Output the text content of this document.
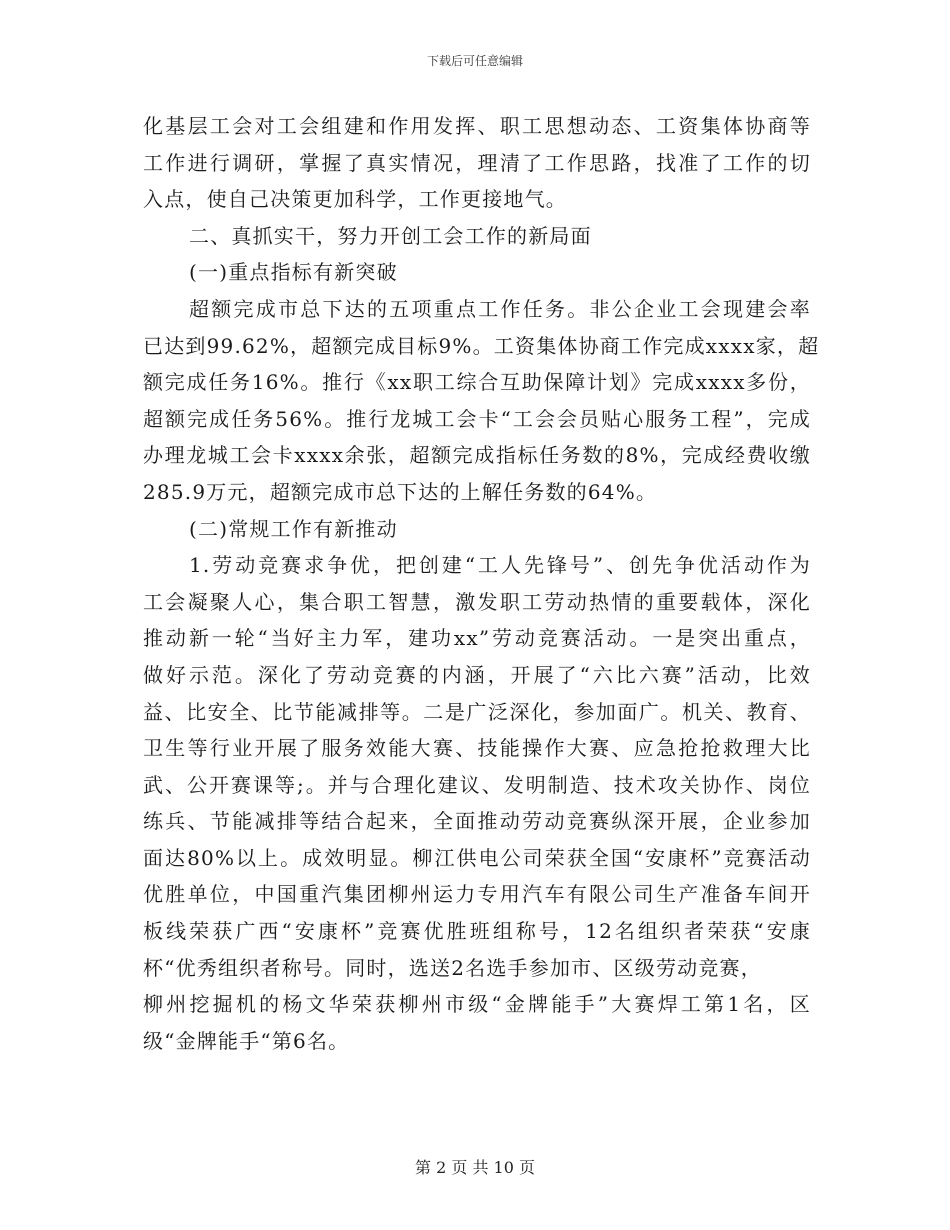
下载后可任意编辑
化基层工会对工会组建和作用发挥、职工思想动态、工资集体协商等
工作进行调研，掌握了真实情况，理清了工作思路，找准了工作的切
入点，使自己决策更加科学，工作更接地气。
二、真抓实干，努力开创工会工作的新局面
(一)重点指标有新突破
超额完成市总下达的五项重点工作任务。非公企业工会现建会率
已达到99.62%，超额完成目标9%。工资集体协商工作完成xxxx家，超
额完成任务16%。推行《xx职工综合互助保障计划》完成xxxx多份，
超额完成任务56%。推行龙城工会卡“工会会员贴心服务工程”，完成
办理龙城工会卡xxxx余张，超额完成指标任务数的8%，完成经费收缴
285.9万元，超额完成市总下达的上解任务数的64%。
(二)常规工作有新推动
1.劳动竞赛求争优，把创建“工人先锋号”、创先争优活动作为
工会凝聚人心，集合职工智慧，激发职工劳动热情的重要载体，深化
推动新一轮“当好主力军，建功xx”劳动竞赛活动。一是突出重点，
做好示范。深化了劳动竞赛的内涵，开展了“六比六赛”活动，比效
益、比安全、比节能减排等。二是广泛深化，参加面广。机关、教育、
卫生等行业开展了服务效能大赛、技能操作大赛、应急抢抢救理大比
武、公开赛课等;。并与合理化建议、发明制造、技术攻关协作、岗位
练兵、节能减排等结合起来，全面推动劳动竞赛纵深开展，企业参加
面达80%以上。成效明显。柳江供电公司荣获全国“安康杯”竞赛活动
优胜单位，中国重汽集团柳州运力专用汽车有限公司生产准备车间开
板线荣获广西“安康杯”竞赛优胜班组称号，12名组织者荣获“安康
杯“优秀组织者称号。同时，选送2名选手参加市、区级劳动竞赛，
柳州挖掘机的杨文华荣获柳州市级“金牌能手”大赛焊工第1名，区
级“金牌能手“第6名。
第 2 页 共 10 页
